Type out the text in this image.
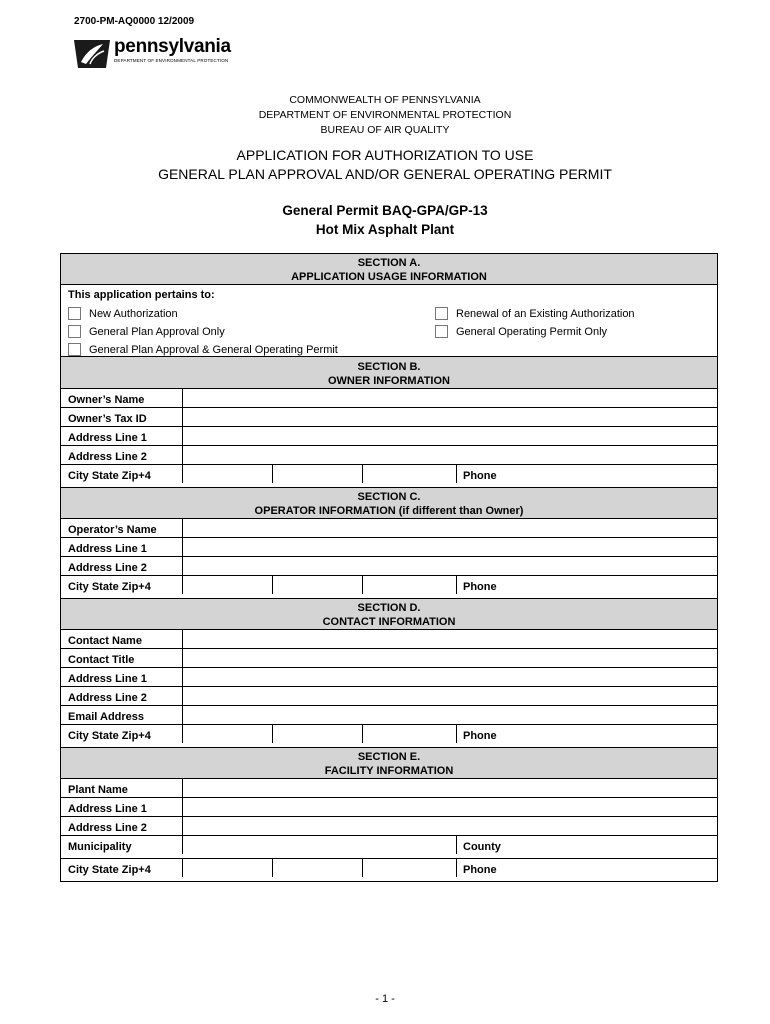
2700-PM-AQ0000 12/2009
pennsylvania
DEPARTMENT OF ENVIRONMENTAL PROTECTION
COMMONWEALTH OF PENNSYLVANIA
DEPARTMENT OF ENVIRONMENTAL PROTECTION
BUREAU OF AIR QUALITY
APPLICATION FOR AUTHORIZATION TO USE
GENERAL PLAN APPROVAL AND/OR GENERAL OPERATING PERMIT
General Permit BAQ-GPA/GP-13
Hot Mix Asphalt Plant
SECTION A.
APPLICATION USAGE INFORMATION
This application pertains to:
New Authorization	Renewal of an Existing Authorization
General Plan Approval Only	General Operating Permit Only
General Plan Approval & General Operating Permit
SECTION B.
OWNER INFORMATION
Owner’s Name
Owner’s Tax ID
Address Line 1
Address Line 2
City State Zip+4	Phone
SECTION C.
OPERATOR INFORMATION (if different than Owner)
Operator’s Name
Address Line 1
Address Line 2
City State Zip+4	Phone
SECTION D.
CONTACT INFORMATION
Contact Name
Contact Title
Address Line 1
Address Line 2
Email Address
City State Zip+4	Phone
SECTION E.
FACILITY INFORMATION
Plant Name
Address Line 1
Address Line 2
Municipality	County
City State Zip+4	Phone
- 1 -
